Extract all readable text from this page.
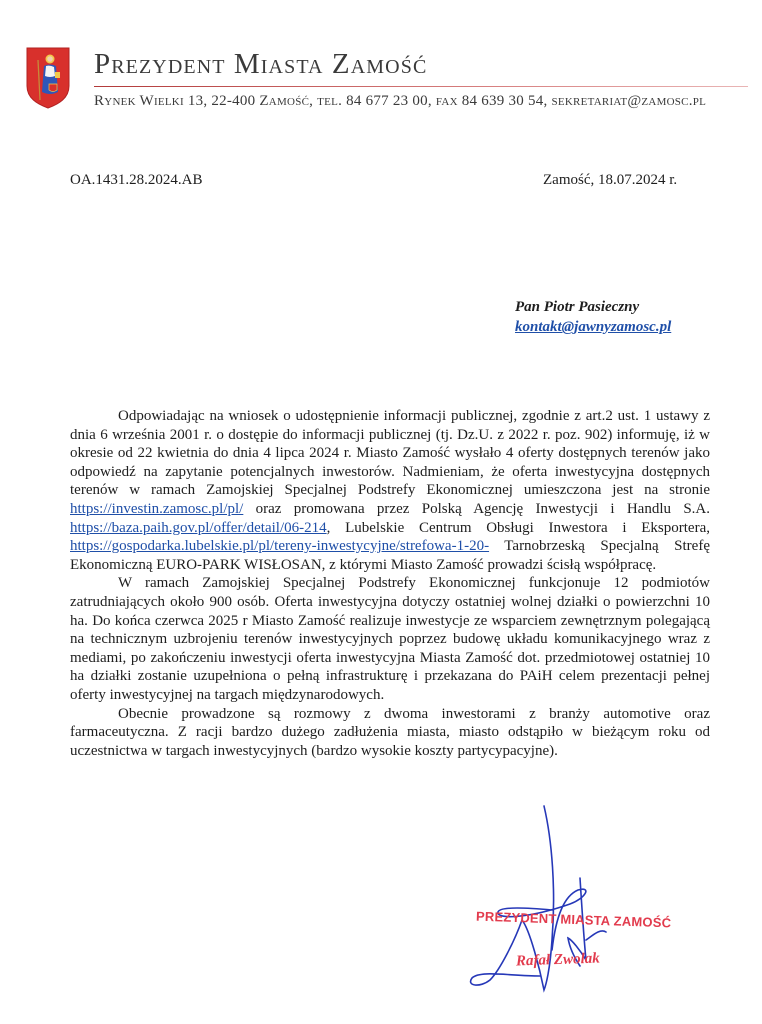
Prezydent Miasta Zamość
Rynek Wielki 13, 22-400 Zamość, tel. 84 677 23 00, fax 84 639 30 54, sekretariat@zamosc.pl
OA.1431.28.2024.AB	Zamość, 18.07.2024 r.
Pan Piotr Pasieczny
kontakt@jawnyzamosc.pl

Odpowiadając na wniosek o udostępnienie informacji publicznej, zgodnie z art.2 ust. 1 ustawy z dnia 6 września 2001 r. o dostępie do informacji publicznej (tj. Dz.U. z 2022 r. poz. 902) informuję, iż w okresie od 22 kwietnia do dnia 4 lipca 2024 r. Miasto Zamość wysłało 4 oferty dostępnych terenów jako odpowiedź na zapytanie potencjalnych inwestorów. Nadmieniam, że oferta inwestycyjna dostępnych terenów w ramach Zamojskiej Specjalnej Podstrefy Ekonomicznej umieszczona jest na stronie https://investin.zamosc.pl/pl/ oraz promowana przez Polską Agencję Inwestycji i Handlu S.A. https://baza.paih.gov.pl/offer/detail/06-214, Lubelskie Centrum Obsługi Inwestora i Eksportera, https://gospodarka.lubelskie.pl/pl/tereny-inwestycyjne/strefowa-1-20- Tarnobrzeską Specjalną Strefę Ekonomiczną EURO-PARK WISŁOSAN, z którymi Miasto Zamość prowadzi ścisłą współpracę.

W ramach Zamojskiej Specjalnej Podstrefy Ekonomicznej funkcjonuje 12 podmiotów zatrudniających około 900 osób. Oferta inwestycyjna dotyczy ostatniej wolnej działki o powierzchni 10 ha. Do końca czerwca 2025 r Miasto Zamość realizuje inwestycje ze wsparciem zewnętrznym polegającą na technicznym uzbrojeniu terenów inwestycyjnych poprzez budowę układu komunikacyjnego wraz z mediami, po zakończeniu inwestycji oferta inwestycyjna Miasta Zamość dot. przedmiotowej ostatniej 10 ha działki zostanie uzupełniona o pełną infrastrukturę i przekazana do PAiH celem prezentacji pełnej oferty inwestycyjnej na targach międzynarodowych.

Obecnie prowadzone są rozmowy z dwoma inwestorami z branży automotive oraz farmaceutyczna. Z racji bardzo dużego zadłużenia miasta, miasto odstąpiło w bieżącym roku od uczestnictwa w targach inwestycyjnych (bardzo wysokie koszty partycypacyjne).

PREZYDENT MIASTA ZAMOŚĆ
Rafał Zwolak
